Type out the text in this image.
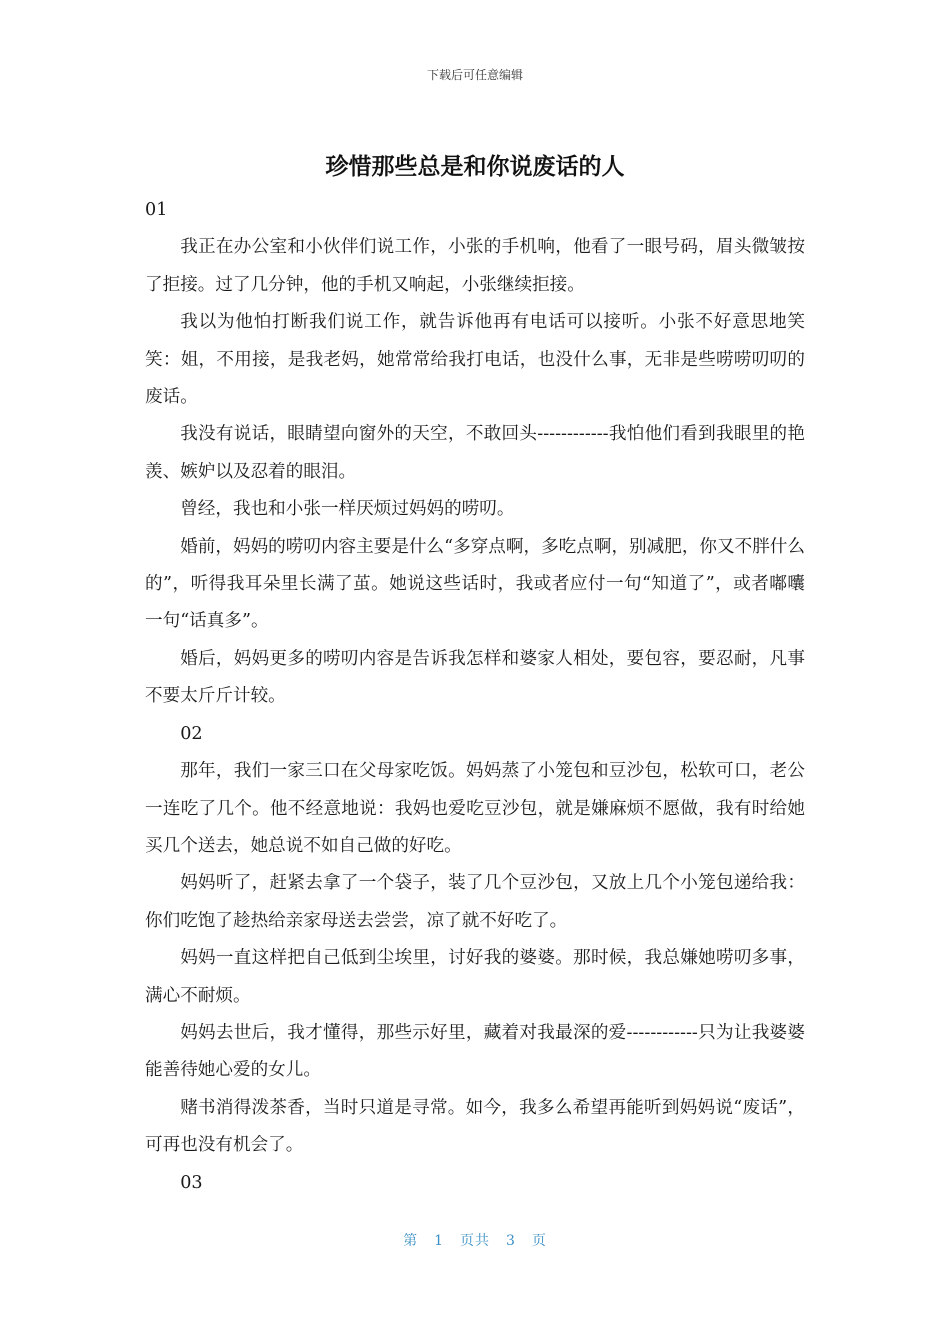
下载后可任意编辑
珍惜那些总是和你说废话的人

01

我正在办公室和小伙伴们说工作，小张的手机响，他看了一眼号码，眉头微皱按了拒接。过了几分钟，他的手机又响起，小张继续拒接。

我以为他怕打断我们说工作，就告诉他再有电话可以接听。小张不好意思地笑笑：姐，不用接，是我老妈，她常常给我打电话，也没什么事，无非是些唠唠叨叨的废话。

我没有说话，眼睛望向窗外的天空，不敢回头------------我怕他们看到我眼里的艳羡、嫉妒以及忍着的眼泪。

曾经，我也和小张一样厌烦过妈妈的唠叨。

婚前，妈妈的唠叨内容主要是什么“多穿点啊，多吃点啊，别减肥，你又不胖什么的”，听得我耳朵里长满了茧。她说这些话时，我或者应付一句“知道了”，或者嘟囔一句“话真多”。

婚后，妈妈更多的唠叨内容是告诉我怎样和婆家人相处，要包容，要忍耐，凡事不要太斤斤计较。

02

那年，我们一家三口在父母家吃饭。妈妈蒸了小笼包和豆沙包，松软可口，老公一连吃了几个。他不经意地说：我妈也爱吃豆沙包，就是嫌麻烦不愿做，我有时给她买几个送去，她总说不如自己做的好吃。

妈妈听了，赶紧去拿了一个袋子，装了几个豆沙包，又放上几个小笼包递给我：你们吃饱了趁热给亲家母送去尝尝，凉了就不好吃了。

妈妈一直这样把自己低到尘埃里，讨好我的婆婆。那时候，我总嫌她唠叨多事，满心不耐烦。

妈妈去世后，我才懂得，那些示好里，藏着对我最深的爱------------只为让我婆婆能善待她心爱的女儿。

赌书消得泼茶香，当时只道是寻常。如今，我多么希望再能听到妈妈说“废话”，可再也没有机会了。

03

第 1 页共 3 页
